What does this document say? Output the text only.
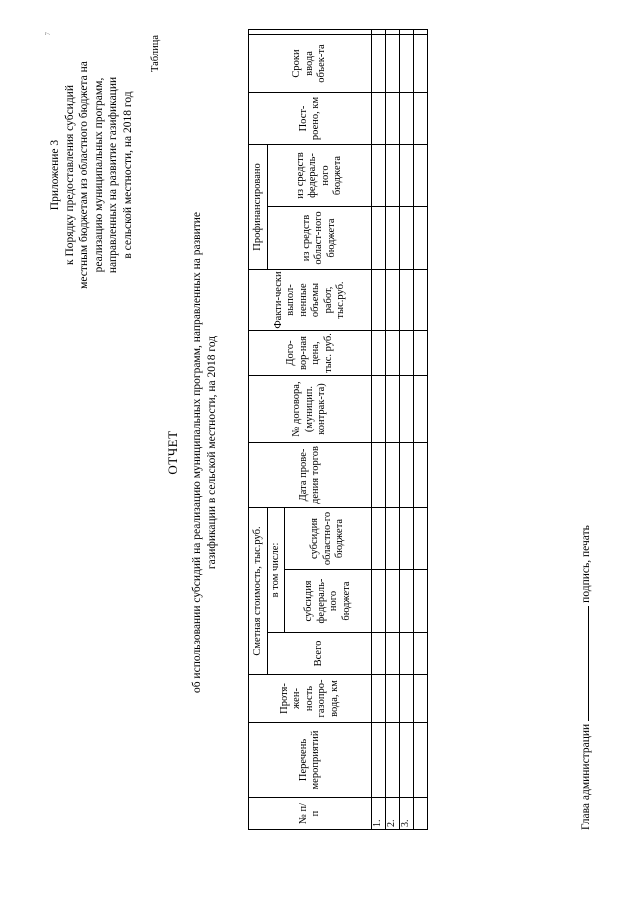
7
Приложение 3 к Порядку предоставления субсидий местным бюджетам из областного бюджета на реализацию муниципальных программ, направленных на развитие газификации в сельской местности, на 2018 год
Таблица
ОТЧЕТ об использовании субсидий на реализацию муниципальных программ, направленных на развитие газификации в сельской местности, на 2018 год
№ п/ п	Перечень мероприятий	Протя-жен-ность газопро-вода, км	Сметная стоимость, тыс.руб.			Дата прове-дения торгов	№ договора, (муницип. контрак-та)	Дого-вор-ная цена, тыс. руб.	Факти-чески выпол-ненные объемы работ, тыс.руб.	Профинансировано		Пост-роено, км	Сроки ввода объек-та	
			Всего	в том числе:						из средств област-ного бюджета	из средств федераль-ного бюджета			
				субсидия федераль-ного бюджета	субсидия областно-го бюджета									
1.														
2.														
3.														
															Глава администрацииподпись, печать
